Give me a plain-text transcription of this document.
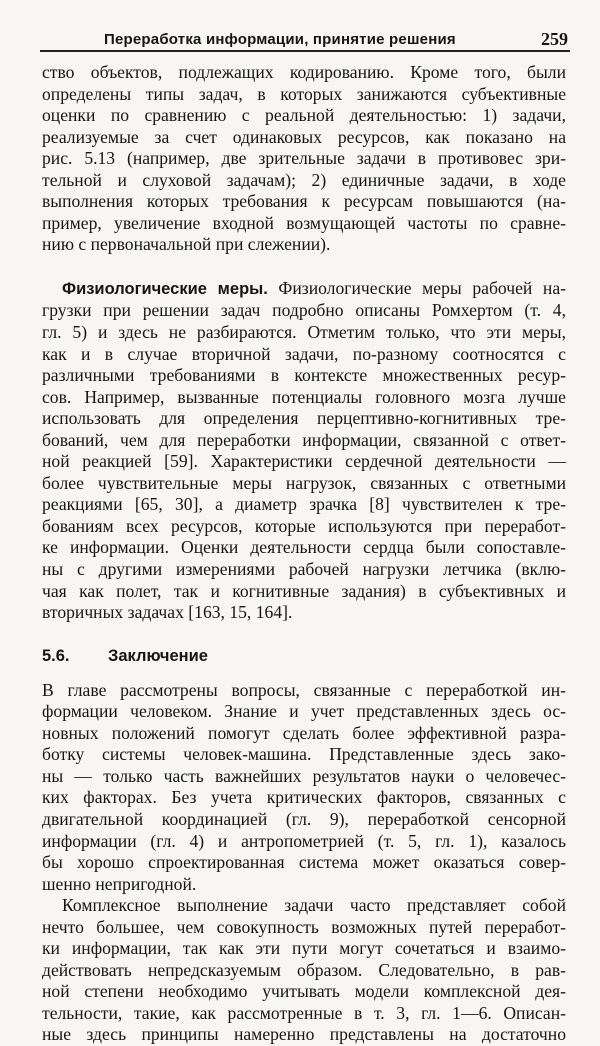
Переработка информации, принятие решения	259
ство объектов, подлежащих кодированию. Кроме того, были
определены типы задач, в которых занижаются субъективные
оценки по сравнению с реальной деятельностью: 1) задачи,
реализуемые за счет одинаковых ресурсов, как показано на
рис. 5.13 (например, две зрительные задачи в противовес зри-
тельной и слуховой задачам); 2) единичные задачи, в ходе
выполнения которых требования к ресурсам повышаются (на-
пример, увеличение входной возмущающей частоты по сравне-
нию с первоначальной при слежении).
Физиологические меры. Физиологические меры рабочей на-
грузки при решении задач подробно описаны Ромхертом (т. 4,
гл. 5) и здесь не разбираются. Отметим только, что эти меры,
как и в случае вторичной задачи, по-разному соотносятся с
различными требованиями в контексте множественных ресур-
сов. Например, вызванные потенциалы головного мозга лучше
использовать для определения перцептивно-когнитивных тре-
бований, чем для переработки информации, связанной с ответ-
ной реакцией [59]. Характеристики сердечной деятельности —
более чувствительные меры нагрузок, связанных с ответными
реакциями [65, 30], а диаметр зрачка [8] чувствителен к тре-
бованиям всех ресурсов, которые используются при переработ-
ке информации. Оценки деятельности сердца были сопоставле-
ны с другими измерениями рабочей нагрузки летчика (вклю-
чая как полет, так и когнитивные задания) в субъективных и
вторичных задачах [163, 15, 164].
5.6. Заключение
В главе рассмотрены вопросы, связанные с переработкой ин-
формации человеком. Знание и учет представленных здесь ос-
новных положений помогут сделать более эффективной разра-
ботку системы человек-машина. Представленные здесь зако-
ны — только часть важнейших результатов науки о человечес-
ких факторах. Без учета критических факторов, связанных с
двигательной координацией (гл. 9), переработкой сенсорной
информации (гл. 4) и антропометрией (т. 5, гл. 1), казалось
бы хорошо спроектированная система может оказаться совер-
шенно непригодной.
Комплексное выполнение задачи часто представляет собой
нечто большее, чем совокупность возможных путей переработ-
ки информации, так как эти пути могут сочетаться и взаимо-
действовать непредсказуемым образом. Следовательно, в рав-
ной степени необходимо учитывать модели комплексной дея-
тельности, такие, как рассмотренные в т. 3, гл. 1—6. Описан-
ные здесь принципы намеренно представлены на достаточно
